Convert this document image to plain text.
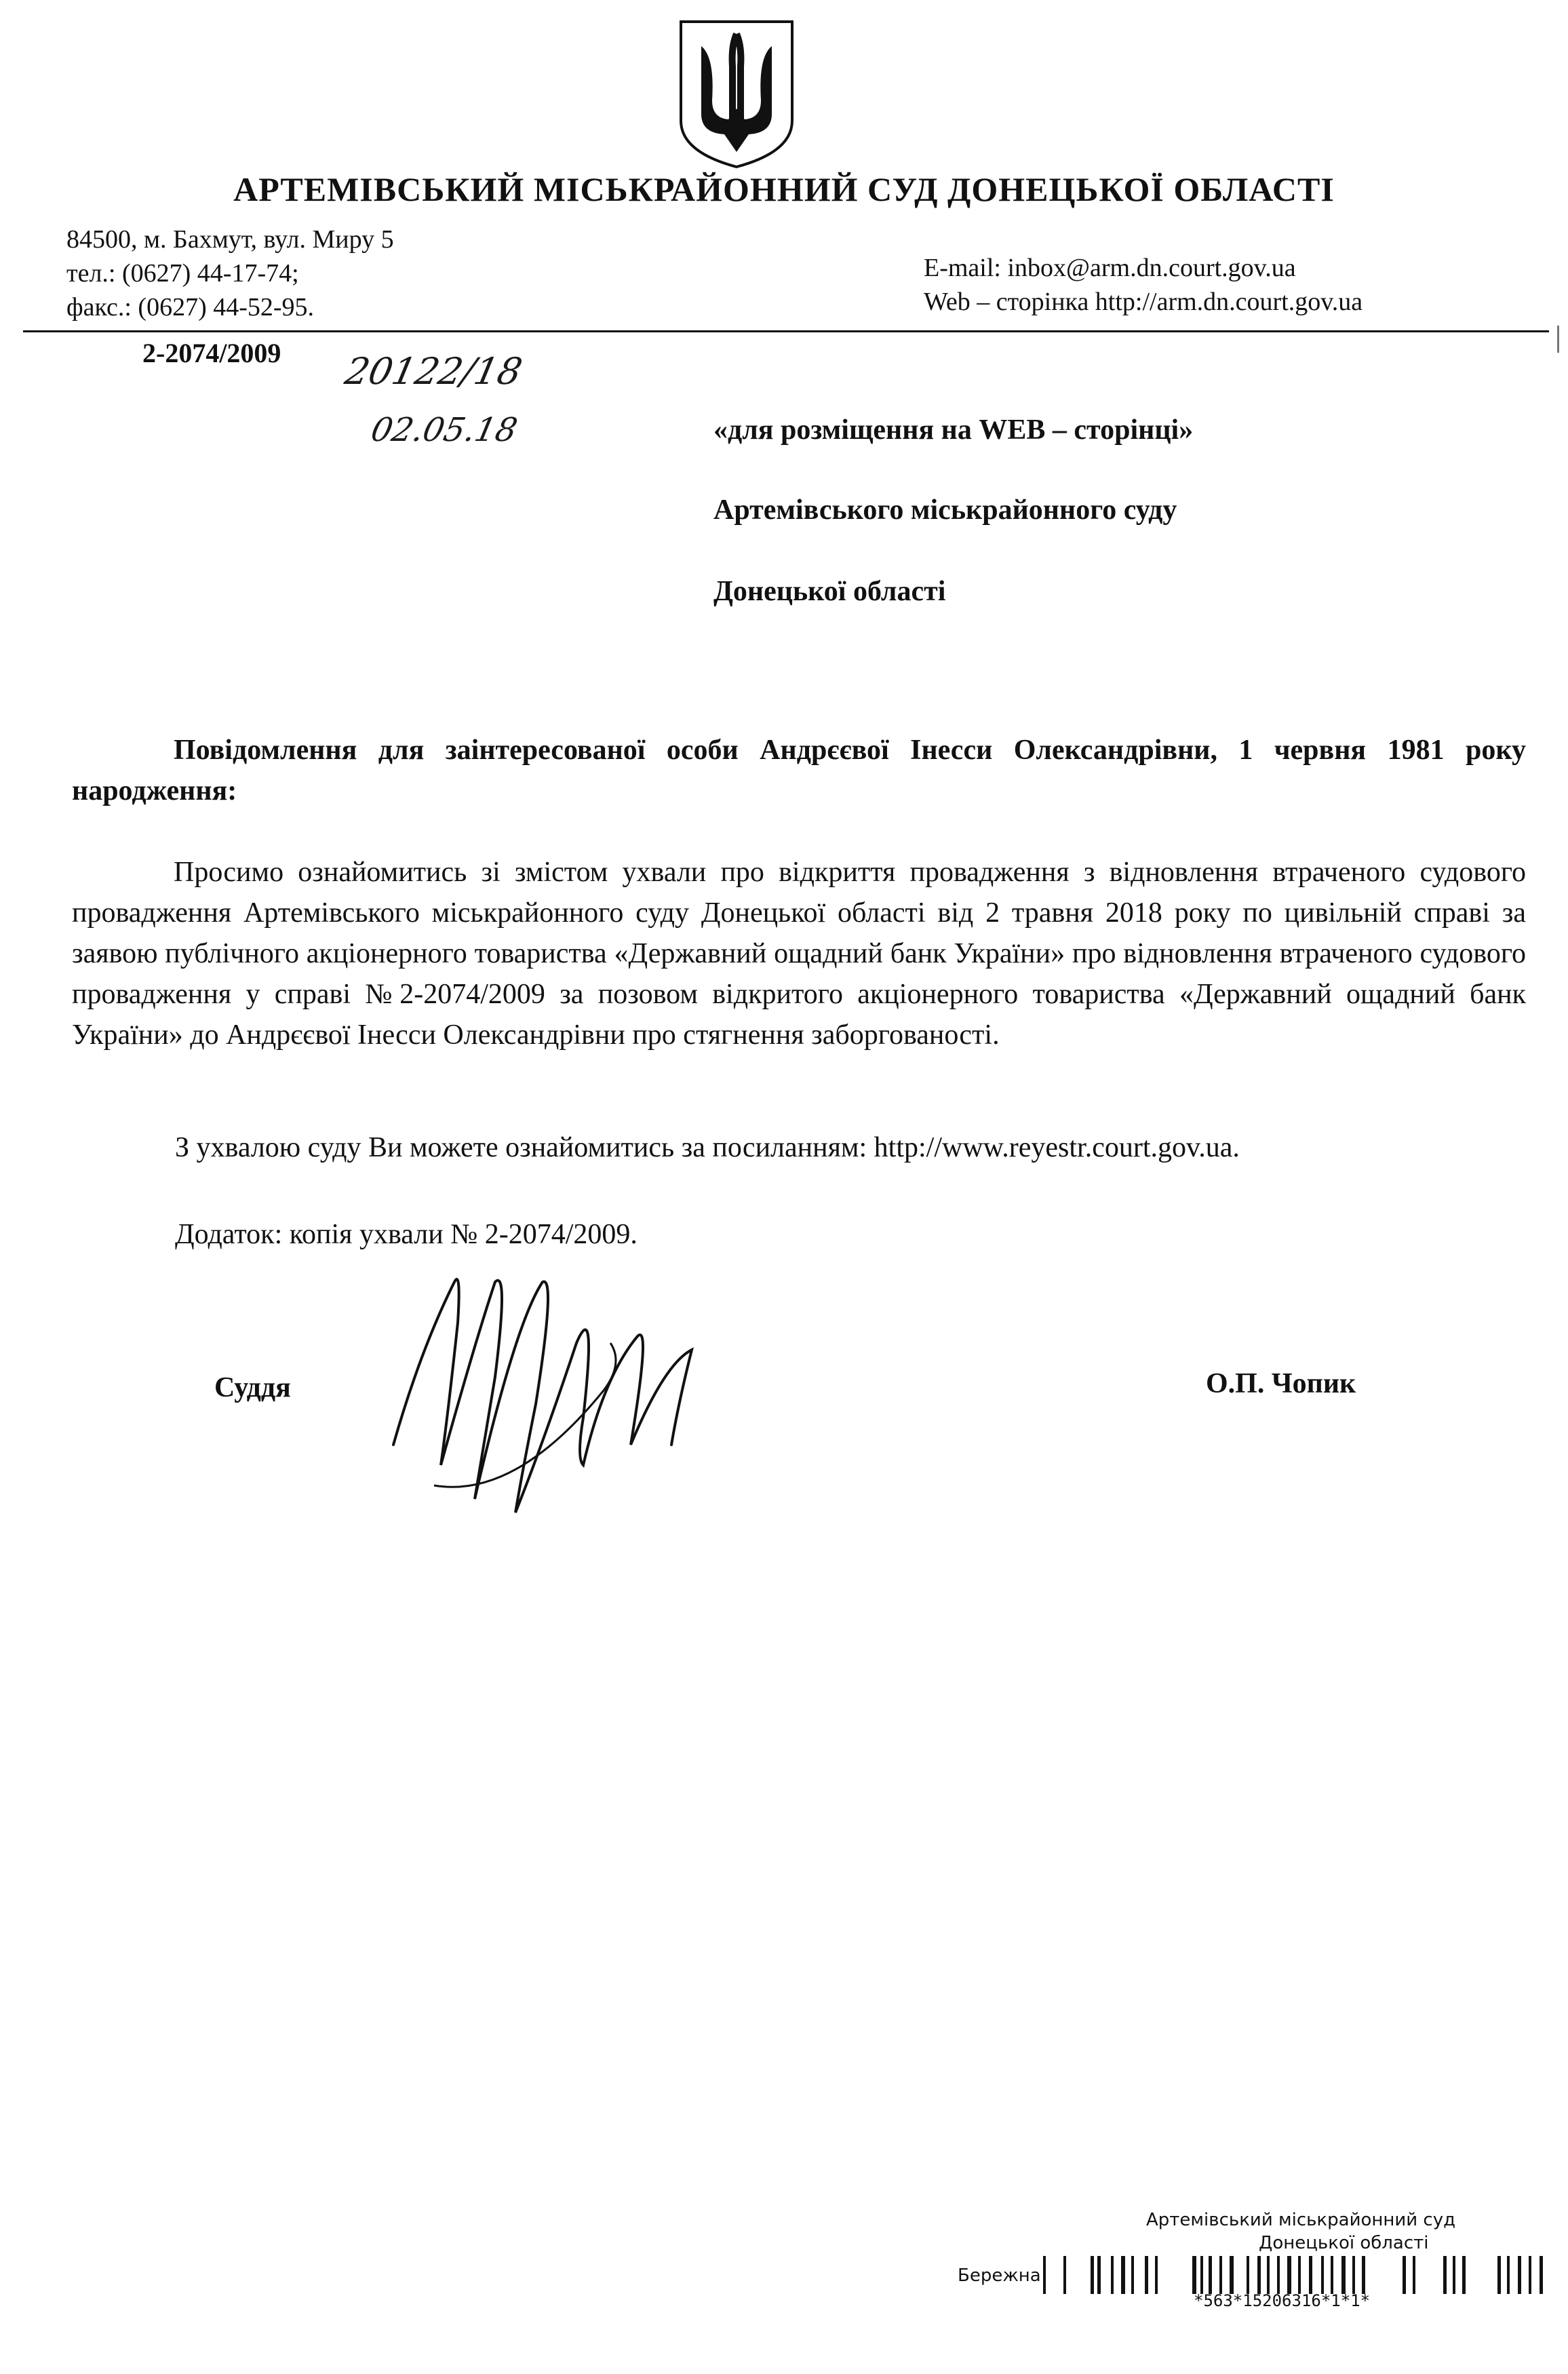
АРТЕМІВСЬКИЙ МІСЬКРАЙОННИЙ СУД ДОНЕЦЬКОЇ ОБЛАСТІ
84500, м. Бахмут, вул. Миру 5
тел.: (0627) 44-17-74;
факс.: (0627) 44-52-95.
E-mail: inbox@arm.dn.court.gov.ua
Web – сторінка http://arm.dn.court.gov.ua
2-2074/2009 20122/18
02.05.18	«для розміщення на WEB – сторінці»
Артемівського міськрайонного суду
Донецької області
Повідомлення для заінтересованої особи Андрєєвої Інесси Олександрівни, 1 червня 1981 року народження:
Просимо ознайомитись зі змістом ухвали про відкриття провадження з відновлення втраченого судового провадження Артемівського міськрайонного суду Донецької області від 2 травня 2018 року по цивільній справі за заявою публічного акціонерного товариства «Державний ощадний банк України» про відновлення втраченого судового провадження у справі №2-2074/2009 за позовом відкритого акціонерного товариства «Державний ощадний банк України» до Андрєєвої Інесси Олександрівни про стягнення заборгованості.
З ухвалою суду Ви можете ознайомитись за посиланням: http://www.reyestr.court.gov.ua.
Додаток: копія ухвали № 2-2074/2009.
Суддя	О.П. Чопик
Артемівський міськрайонний суд
Донецької області
Бережна
*563*15206316*1*1*
